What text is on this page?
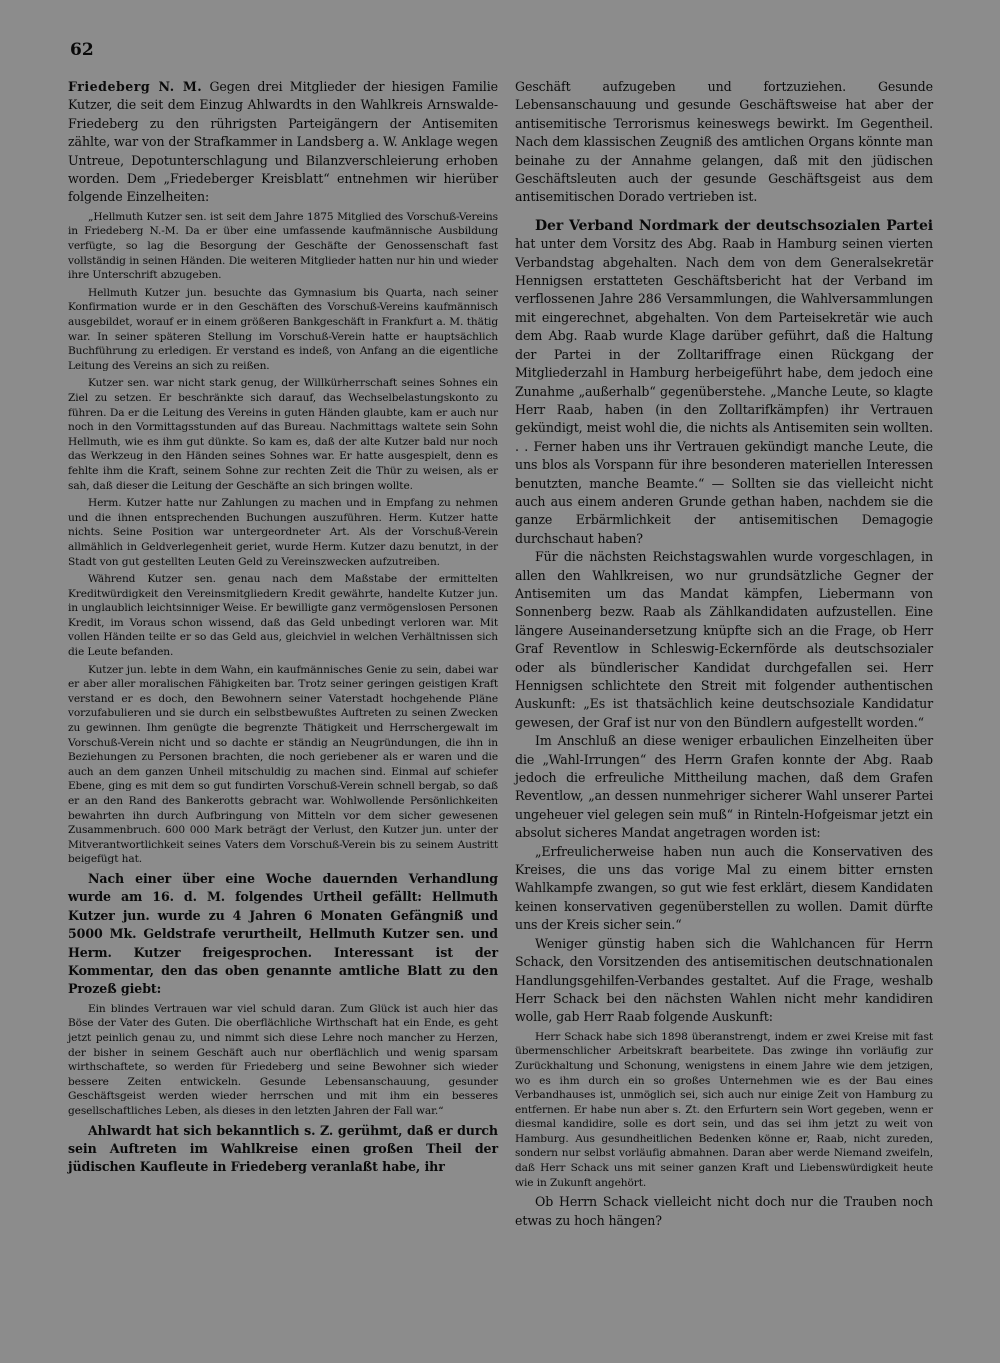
62

Friedeberg N. M. Gegen drei Mitglieder der hiesigen Familie Kutzer, die seit dem Einzug Ahlwardts in den Wahlkreis Arnswalde-Friedeberg zu den rührigsten Parteigängern der Antisemiten zählte, war von der Strafkammer in Landsberg a. W. Anklage wegen Untreue, Depotunterschlagung und Bilanzverschleierung erhoben worden. Dem „Friedeberger Kreisblatt“ entnehmen wir hierüber folgende Einzelheiten:

„Hellmuth Kutzer sen. ist seit dem Jahre 1875 Mitglied des Vorschuß-Vereins in Friedeberg N.-M. Da er über eine umfassende kaufmännische Ausbildung verfügte, so lag die Besorgung der Geschäfte der Genossenschaft fast vollständig in seinen Händen. Die weiteren Mitglieder hatten nur hin und wieder ihre Unterschrift abzugeben.

Hellmuth Kutzer jun. besuchte das Gymnasium bis Quarta, nach seiner Konfirmation wurde er in den Geschäften des Vorschuß-Vereins kaufmännisch ausgebildet, worauf er in einem größeren Bankgeschäft in Frankfurt a. M. thätig war. In seiner späteren Stellung im Vorschuß-Verein hatte er hauptsächlich Buchführung zu erledigen. Er verstand es indeß, von Anfang an die eigentliche Leitung des Vereins an sich zu reißen.

Kutzer sen. war nicht stark genug, der Willkürherrschaft seines Sohnes ein Ziel zu setzen. Er beschränkte sich darauf, das Wechselbelastungskonto zu führen. Da er die Leitung des Vereins in guten Händen glaubte, kam er auch nur noch in den Vormittagsstunden auf das Bureau. Nachmittags waltete sein Sohn Hellmuth, wie es ihm gut dünkte. So kam es, daß der alte Kutzer bald nur noch das Werkzeug in den Händen seines Sohnes war. Er hatte ausgespielt, denn es fehlte ihm die Kraft, seinem Sohne zur rechten Zeit die Thür zu weisen, als er sah, daß dieser die Leitung der Geschäfte an sich bringen wollte.

Herm. Kutzer hatte nur Zahlungen zu machen und in Empfang zu nehmen und die ihnen entsprechenden Buchungen auszuführen. Herm. Kutzer hatte nichts. Seine Position war untergeordneter Art. Als der Vorschuß-Verein allmählich in Geldverlegenheit geriet, wurde Herm. Kutzer dazu benutzt, in der Stadt von gut gestellten Leuten Geld zu Vereinszwecken aufzutreiben.

Während Kutzer sen. genau nach dem Maßstabe der ermittelten Kreditwürdigkeit den Vereinsmitgliedern Kredit gewährte, handelte Kutzer jun. in unglaublich leichtsinniger Weise. Er bewilligte ganz vermögenslosen Personen Kredit, im Voraus schon wissend, daß das Geld unbedingt verloren war. Mit vollen Händen teilte er so das Geld aus, gleichviel in welchen Verhältnissen sich die Leute befanden.

Kutzer jun. lebte in dem Wahn, ein kaufmännisches Genie zu sein, dabei war er aber aller moralischen Fähigkeiten bar. Trotz seiner geringen geistigen Kraft verstand er es doch, den Bewohnern seiner Vaterstadt hochgehende Pläne vorzufabulieren und sie durch ein selbstbewußtes Auftreten zu seinen Zwecken zu gewinnen. Ihm genügte die begrenzte Thätigkeit und Herrschergewalt im Vorschuß-Verein nicht und so dachte er ständig an Neugründungen, die ihn in Beziehungen zu Personen brachten, die noch geriebener als er waren und die auch an dem ganzen Unheil mitschuldig zu machen sind. Einmal auf schiefer Ebene, ging es mit dem so gut fundirten Vorschuß-Verein schnell bergab, so daß er an den Rand des Bankerotts gebracht war. Wohlwollende Persönlichkeiten bewahrten ihn durch Aufbringung von Mitteln vor dem sicher gewesenen Zusammenbruch. 600 000 Mark beträgt der Verlust, den Kutzer jun. unter der Mitverantwortlichkeit seines Vaters dem Vorschuß-Verein bis zu seinem Austritt beigefügt hat.

Nach einer über eine Woche dauernden Verhandlung wurde am 16. d. M. folgendes Urtheil gefällt: Hellmuth Kutzer jun. wurde zu 4 Jahren 6 Monaten Gefängniß und 5000 Mk. Geldstrafe verurtheilt, Hellmuth Kutzer sen. und Herm. Kutzer freigesprochen. Interessant ist der Kommentar, den das oben genannte amtliche Blatt zu den Prozeß giebt:

Ein blindes Vertrauen war viel schuld daran. Zum Glück ist auch hier das Böse der Vater des Guten. Die oberflächliche Wirthschaft hat ein Ende, es geht jetzt peinlich genau zu, und nimmt sich diese Lehre noch mancher zu Herzen, der bisher in seinem Geschäft auch nur oberflächlich und wenig sparsam wirthschaftete, so werden für Friedeberg und seine Bewohner sich wieder bessere Zeiten entwickeln. Gesunde Lebensanschauung, gesunder Geschäftsgeist werden wieder herrschen und mit ihm ein besseres gesellschaftliches Leben, als dieses in den letzten Jahren der Fall war.“

Ahlwardt hat sich bekanntlich s. Z. gerühmt, daß er durch sein Auftreten im Wahlkreise einen großen Theil der jüdischen Kaufleute in Friedeberg veranlaßt habe, ihr

Geschäft aufzugeben und fortzuziehen. Gesunde Lebensanschauung und gesunde Geschäftsweise hat aber der antisemitische Terrorismus keineswegs bewirkt. Im Gegentheil. Nach dem klassischen Zeugniß des amtlichen Organs könnte man beinahe zu der Annahme gelangen, daß mit den jüdischen Geschäftsleuten auch der gesunde Geschäftsgeist aus dem antisemitischen Dorado vertrieben ist.

Der Verband Nordmark der deutschsozialen Partei hat unter dem Vorsitz des Abg. Raab in Hamburg seinen vierten Verbandstag abgehalten. Nach dem von dem Generalsekretär Hennigsen erstatteten Geschäftsbericht hat der Verband im verflossenen Jahre 286 Versammlungen, die Wahlversammlungen mit eingerechnet, abgehalten. Von dem Parteisekretär wie auch dem Abg. Raab wurde Klage darüber geführt, daß die Haltung der Partei in der Zolltariffrage einen Rückgang der Mitgliederzahl in Hamburg herbeigeführt habe, dem jedoch eine Zunahme „außerhalb“ gegenüberstehe. „Manche Leute, so klagte Herr Raab, haben (in den Zolltarifkämpfen) ihr Vertrauen gekündigt, meist wohl die, die nichts als Antisemiten sein wollten. . . Ferner haben uns ihr Vertrauen gekündigt manche Leute, die uns blos als Vorspann für ihre besonderen materiellen Interessen benutzten, manche Beamte.“ — Sollten sie das vielleicht nicht auch aus einem anderen Grunde gethan haben, nachdem sie die ganze Erbärmlichkeit der antisemitischen Demagogie durchschaut haben?

Für die nächsten Reichstagswahlen wurde vorgeschlagen, in allen den Wahlkreisen, wo nur grundsätzliche Gegner der Antisemiten um das Mandat kämpfen, Liebermann von Sonnenberg bezw. Raab als Zählkandidaten aufzustellen. Eine längere Auseinandersetzung knüpfte sich an die Frage, ob Herr Graf Reventlow in Schleswig-Eckernförde als deutschsozialer oder als bündlerischer Kandidat durchgefallen sei. Herr Hennigsen schlichtete den Streit mit folgender authentischen Auskunft: „Es ist thatsächlich keine deutschsoziale Kandidatur gewesen, der Graf ist nur von den Bündlern aufgestellt worden.“

Im Anschluß an diese weniger erbaulichen Einzelheiten über die „Wahl-Irrungen“ des Herrn Grafen konnte der Abg. Raab jedoch die erfreuliche Mittheilung machen, daß dem Grafen Reventlow, „an dessen nunmehriger sicherer Wahl unserer Partei ungeheuer viel gelegen sein muß“ in Rinteln-Hofgeismar jetzt ein absolut sicheres Mandat angetragen worden ist:

„Erfreulicherweise haben nun auch die Konservativen des Kreises, die uns das vorige Mal zu einem bitter ernsten Wahlkampfe zwangen, so gut wie fest erklärt, diesem Kandidaten keinen konservativen gegenüberstellen zu wollen. Damit dürfte uns der Kreis sicher sein.“

Weniger günstig haben sich die Wahlchancen für Herrn Schack, den Vorsitzenden des antisemitischen deutschnationalen Handlungsgehilfen-Verbandes gestaltet. Auf die Frage, weshalb Herr Schack bei den nächsten Wahlen nicht mehr kandidiren wolle, gab Herr Raab folgende Auskunft:

Herr Schack habe sich 1898 überanstrengt, indem er zwei Kreise mit fast übermenschlicher Arbeitskraft bearbeitete. Das zwinge ihn vorläufig zur Zurückhaltung und Schonung, wenigstens in einem Jahre wie dem jetzigen, wo es ihm durch ein so großes Unternehmen wie es der Bau eines Verbandhauses ist, unmöglich sei, sich auch nur einige Zeit von Hamburg zu entfernen. Er habe nun aber s. Zt. den Erfurtern sein Wort gegeben, wenn er diesmal kandidire, solle es dort sein, und das sei ihm jetzt zu weit von Hamburg. Aus gesundheitlichen Bedenken könne er, Raab, nicht zureden, sondern nur selbst vorläufig abmahnen. Daran aber werde Niemand zweifeln, daß Herr Schack uns mit seiner ganzen Kraft und Liebenswürdigkeit heute wie in Zukunft angehört.

Ob Herrn Schack vielleicht nicht doch nur die Trauben noch etwas zu hoch hängen?
